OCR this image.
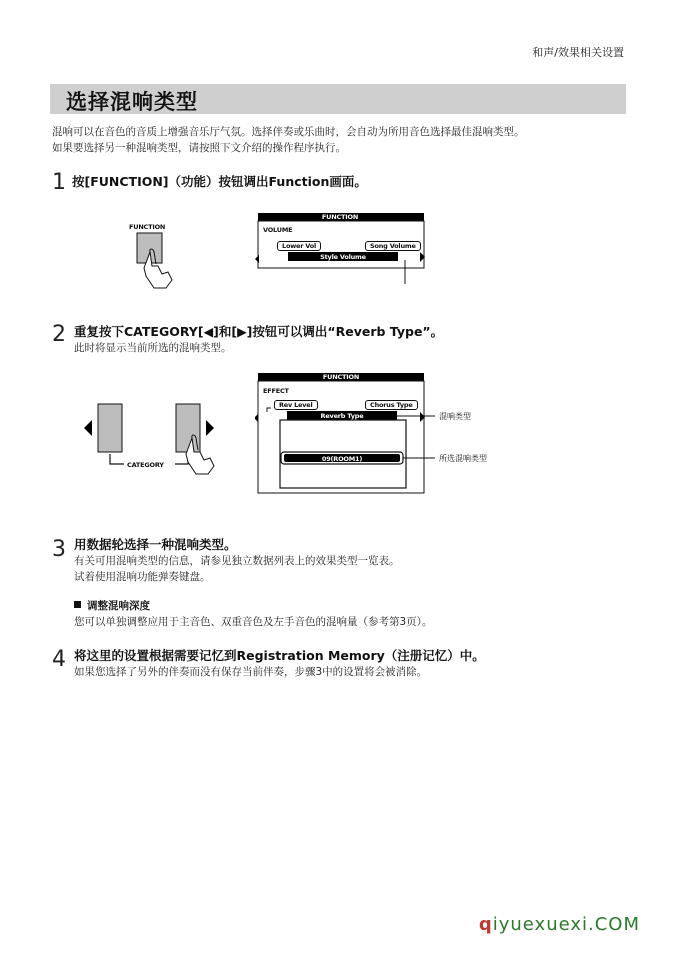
和声/效果相关设置
选择混响类型
混响可以在音色的音质上增强音乐厅气氛。选择伴奏或乐曲时，会自动为所用音色选择最佳混响类型。
如果要选择另一种混响类型，请按照下文介绍的操作程序执行。
1 按[FUNCTION]（功能）按钮调出Function画面。
FUNCTION
FUNCTION
VOLUME
Lower Vol	Song Volume
Style Volume
2 重复按下CATEGORY[◀]和[▶]按钮可以调出“Reverb Type”。
此时将显示当前所选的混响类型。
CATEGORY
FUNCTION
EFFECT
Rev Level	Chorus Type
Reverb Type
09(ROOM1)
混响类型
所选混响类型
3 用数据轮选择一种混响类型。
有关可用混响类型的信息，请参见独立数据列表上的效果类型一览表。
试着使用混响功能弹奏键盘。
调整混响深度
您可以单独调整应用于主音色、双重音色及左手音色的混响量（参考第3页）。
4 将这里的设置根据需要记忆到Registration Memory（注册记忆）中。
如果您选择了另外的伴奏而没有保存当前伴奏，步骤3中的设置将会被消除。
qiyuexuexi.COM
